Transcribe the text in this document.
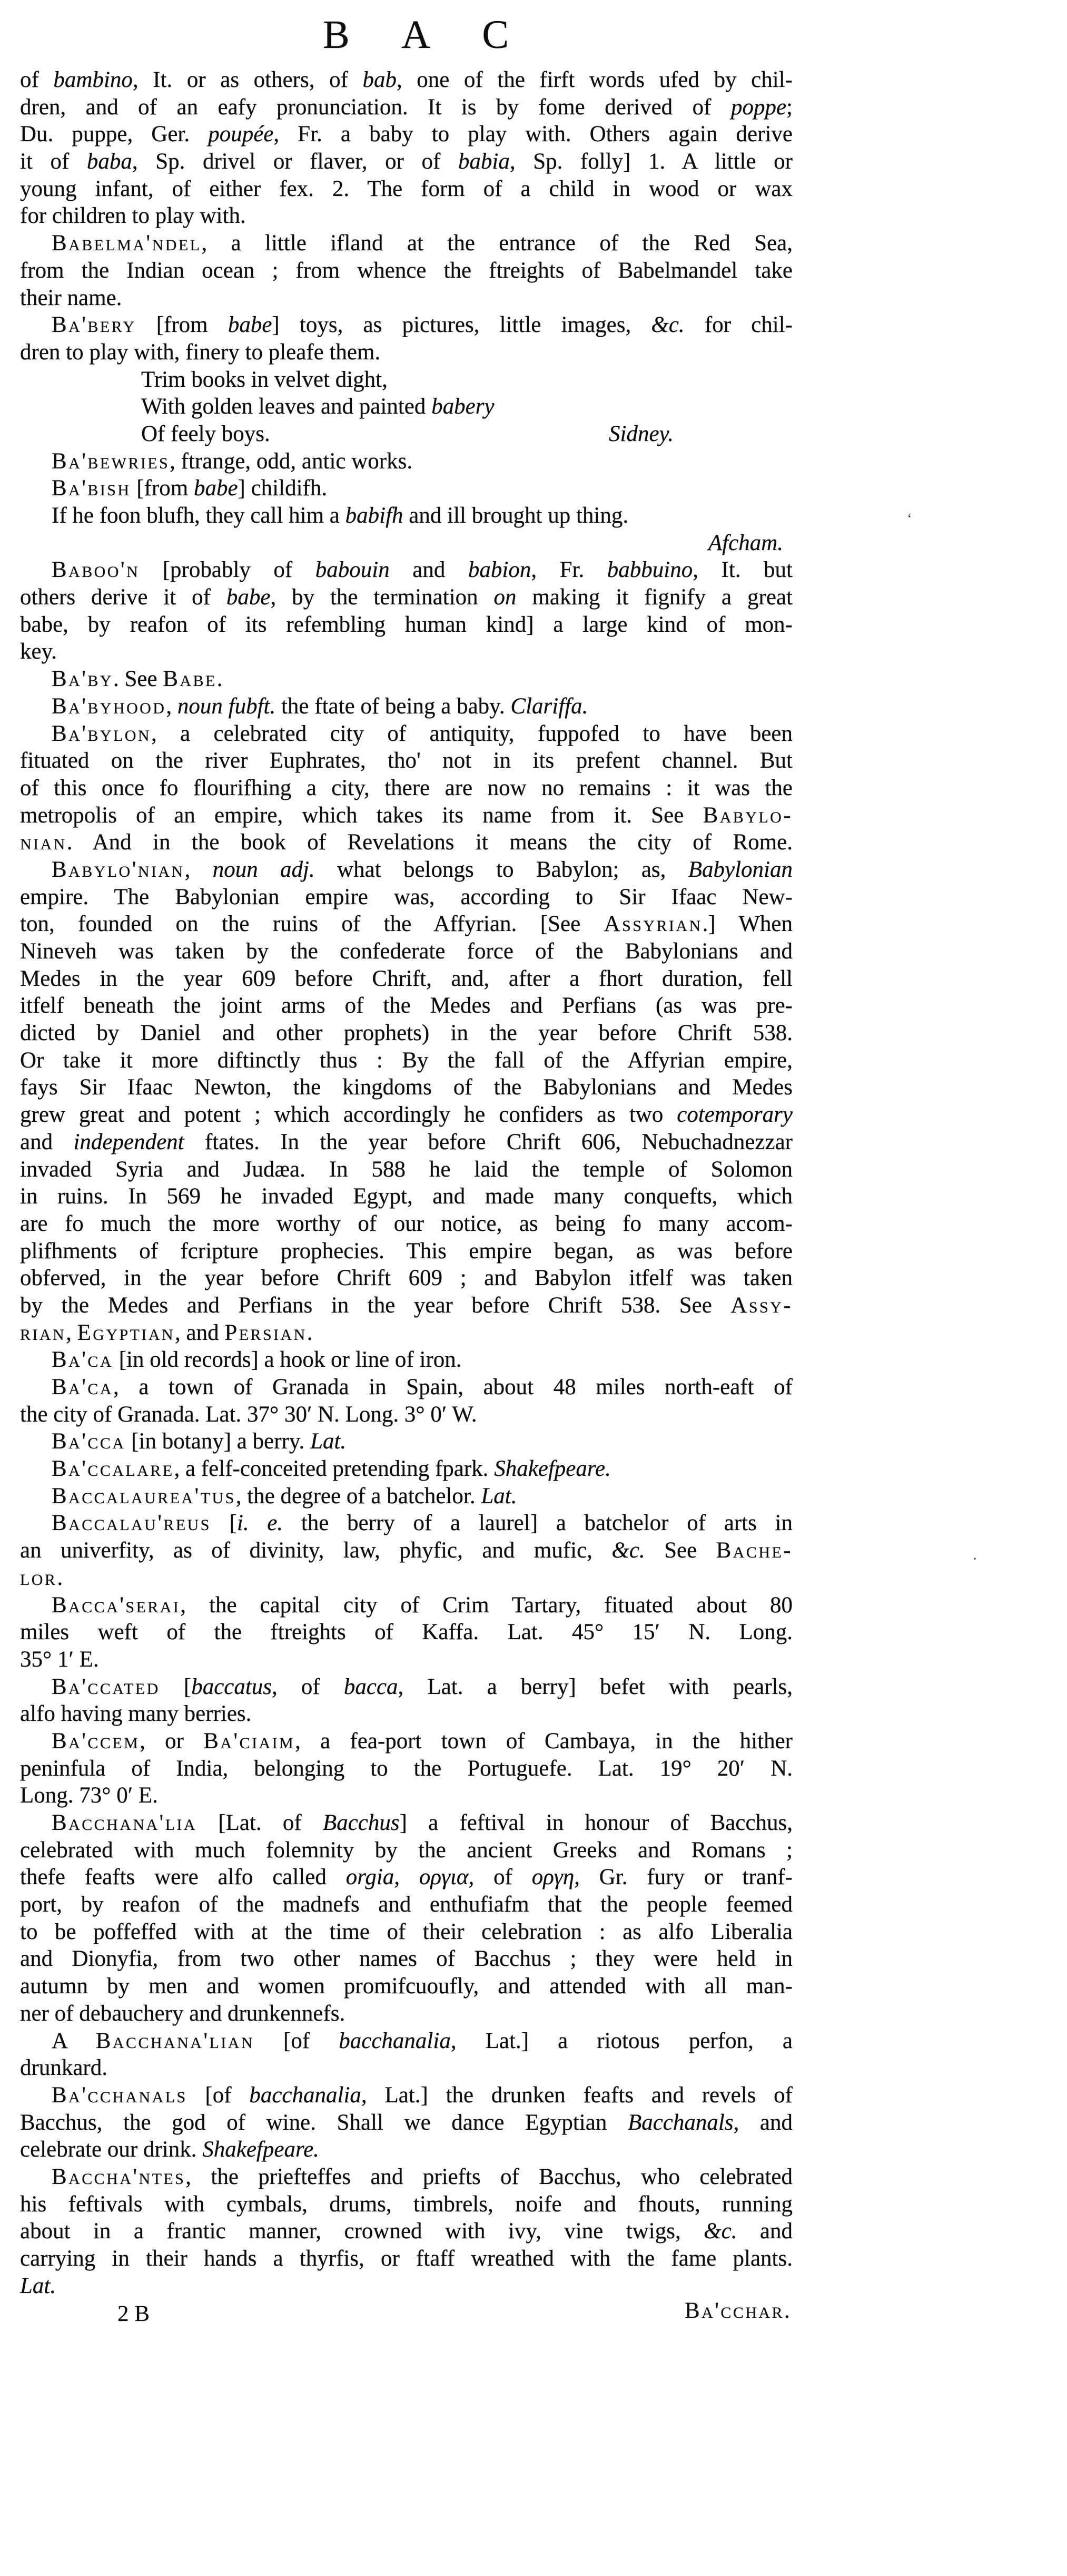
B A C
of bambino, It. or as others, of bab, one of the firft words ufed by chil-
dren, and of an eafy pronunciation. It is by fome derived of poppe;
Du. puppe, Ger. poupée, Fr. a baby to play with. Others again derive
it of baba, Sp. drivel or flaver, or of babia, Sp. folly] 1. A little or
young infant, of either fex. 2. The form of a child in wood or wax
for children to play with.
Babelma'ndel, a little ifland at the entrance of the Red Sea,
from the Indian ocean ; from whence the ftreights of Babelmandel take
their name.
Ba'bery [from babe] toys, as pictures, little images, &c. for chil-
dren to play with, finery to pleafe them.
Trim books in velvet dight,
With golden leaves and painted babery
Of feely boys.	Sidney.
Ba'bewries, ftrange, odd, antic works.
Ba'bish [from babe] childifh.
If he foon blufh, they call him a babifh and ill brought up thing.
Afcham.
Baboo'n [probably of babouin and babion, Fr. babbuino, It. but
others derive it of babe, by the termination on making it fignify a great
babe, by reafon of its refembling human kind] a large kind of mon-
key.
Ba'by. See Babe.
Ba'byhood, noun fubft. the ftate of being a baby. Clariffa.
Ba'bylon, a celebrated city of antiquity, fuppofed to have been
fituated on the river Euphrates, tho' not in its prefent channel. But
of this once fo flourifhing a city, there are now no remains : it was the
metropolis of an empire, which takes its name from it. See Babylo-
nian. And in the book of Revelations it means the city of Rome.
Babylo'nian, noun adj. what belongs to Babylon; as, Babylonian
empire. The Babylonian empire was, according to Sir Ifaac New-
ton, founded on the ruins of the Affyrian. [See Assyrian.] When
Nineveh was taken by the confederate force of the Babylonians and
Medes in the year 609 before Chrift, and, after a fhort duration, fell
itfelf beneath the joint arms of the Medes and Perfians (as was pre-
dicted by Daniel and other prophets) in the year before Chrift 538.
Or take it more diftinctly thus : By the fall of the Affyrian empire,
fays Sir Ifaac Newton, the kingdoms of the Babylonians and Medes
grew great and potent ; which accordingly he confiders as two cotemporary
and independent ftates. In the year before Chrift 606, Nebuchadnezzar
invaded Syria and Judæa. In 588 he laid the temple of Solomon
in ruins. In 569 he invaded Egypt, and made many conquefts, which
are fo much the more worthy of our notice, as being fo many accom-
plifhments of fcripture prophecies. This empire began, as was before
obferved, in the year before Chrift 609 ; and Babylon itfelf was taken
by the Medes and Perfians in the year before Chrift 538. See Assy-
rian, Egyptian, and Persian.
Ba'ca [in old records] a hook or line of iron.
Ba'ca, a town of Granada in Spain, about 48 miles north-eaft of
the city of Granada. Lat. 37° 30′ N. Long. 3° 0′ W.
Ba'cca [in botany] a berry. Lat.
Ba'ccalare, a felf-conceited pretending fpark. Shakefpeare.
Baccalaurea'tus, the degree of a batchelor. Lat.
Baccalau'reus [i. e. the berry of a laurel] a batchelor of arts in
an univerfity, as of divinity, law, phyfic, and mufic, &c. See Bache-
lor.
Bacca'serai, the capital city of Crim Tartary, fituated about 80
miles weft of the ftreights of Kaffa. Lat. 45° 15′ N. Long.
35° 1′ E.
Ba'ccated [baccatus, of bacca, Lat. a berry] befet with pearls,
alfo having many berries.
Ba'ccem, or Ba'ciaim, a fea-port town of Cambaya, in the hither
peninfula of India, belonging to the Portuguefe. Lat. 19° 20′ N.
Long. 73° 0′ E.
Bacchana'lia [Lat. of Bacchus] a feftival in honour of Bacchus,
celebrated with much folemnity by the ancient Greeks and Romans ;
thefe feafts were alfo called orgia, οργια, of οργη, Gr. fury or tranf-
port, by reafon of the madnefs and enthufiafm that the people feemed
to be poffeffed with at the time of their celebration : as alfo Liberalia
and Dionyfia, from two other names of Bacchus ; they were held in
autumn by men and women promifcuoufly, and attended with all man-
ner of debauchery and drunkennefs.
A Bacchana'lian [of bacchanalia, Lat.] a riotous perfon, a
drunkard.
Ba'cchanals [of bacchanalia, Lat.] the drunken feafts and revels of
Bacchus, the god of wine. Shall we dance Egyptian Bacchanals, and
celebrate our drink. Shakefpeare.
Baccha'ntes, the priefteffes and priefts of Bacchus, who celebrated
his feftivals with cymbals, drums, timbrels, noife and fhouts, running
about in a frantic manner, crowned with ivy, vine twigs, &c. and
carrying in their hands a thyrfis, or ftaff wreathed with the fame plants.
Lat.
2 B	Ba'cchar.
ʻ
·
